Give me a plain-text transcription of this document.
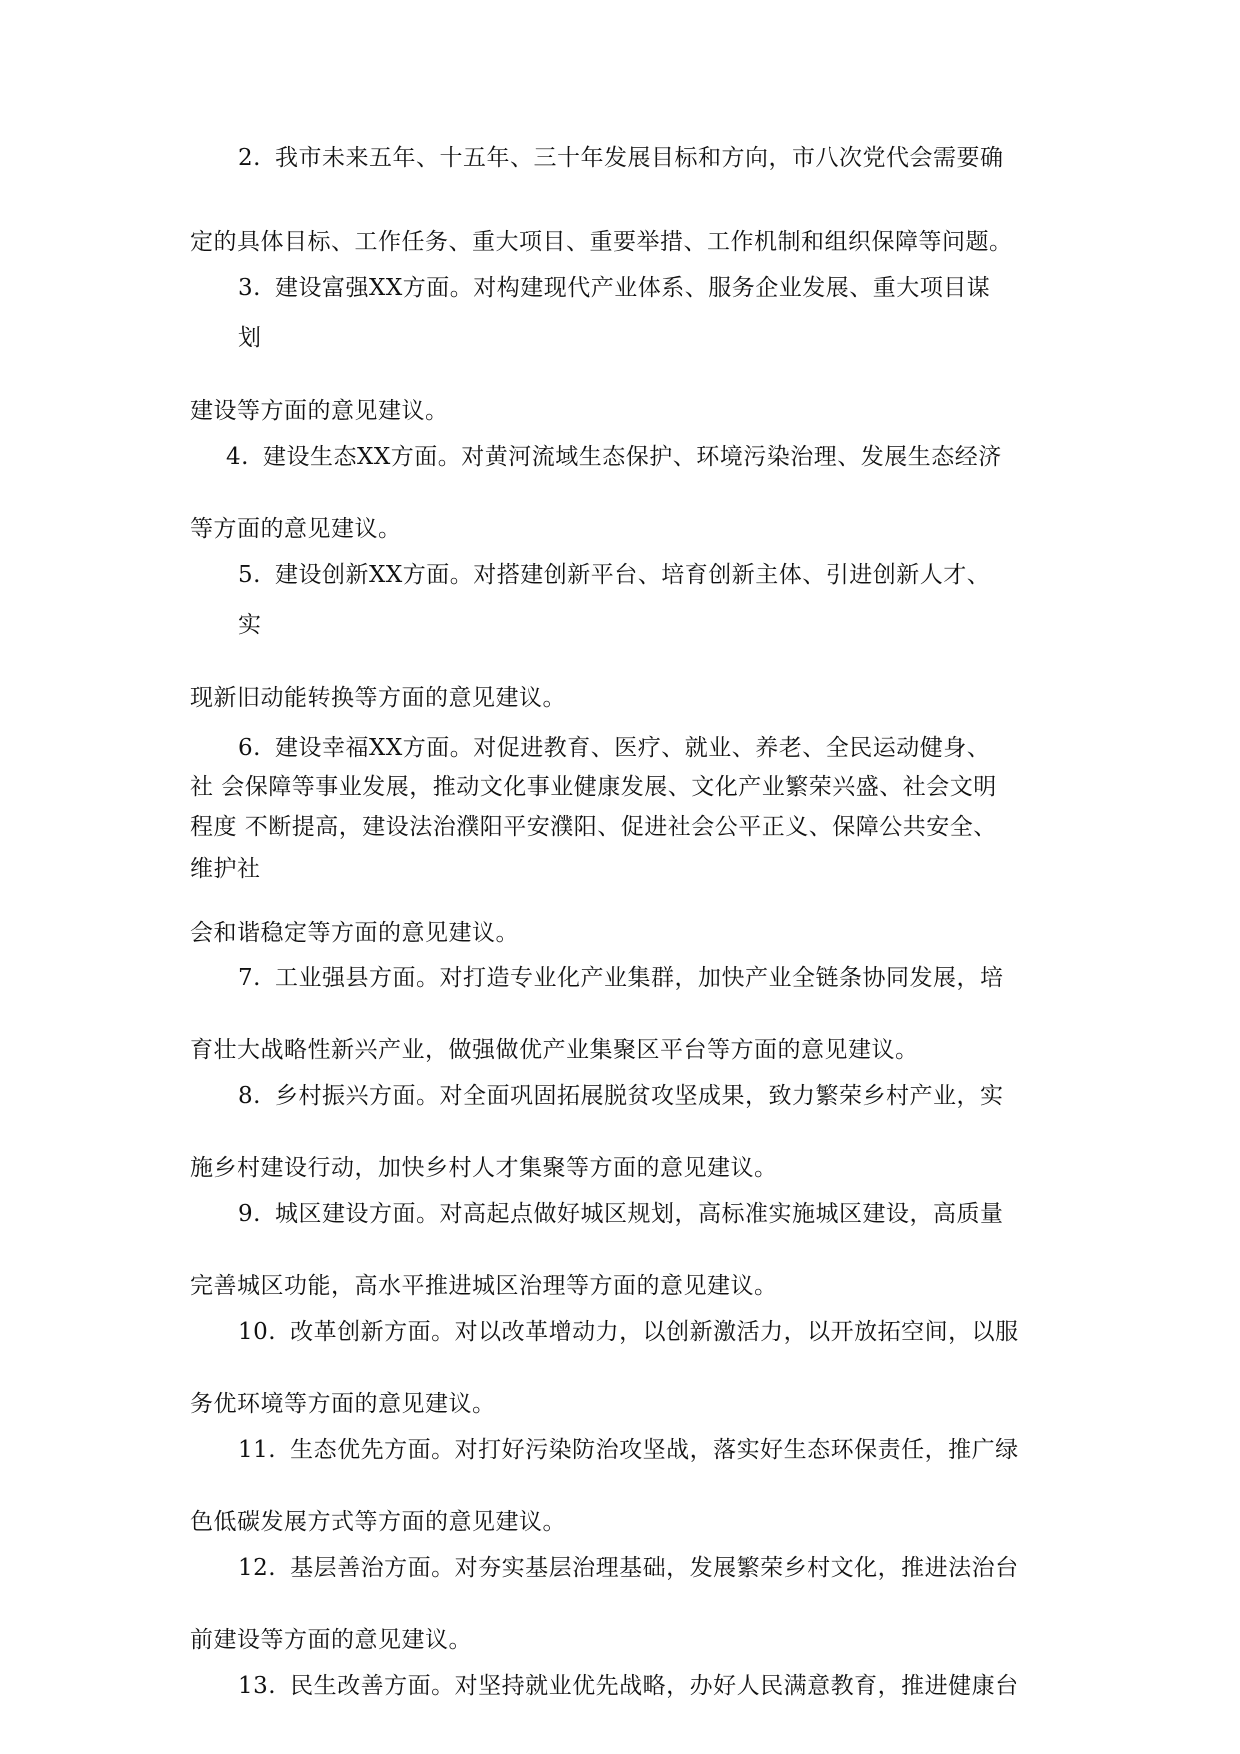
2. 我市未来五年、十五年、三十年发展目标和方向，市八次党代会需要确
定的具体目标、工作任务、重大项目、重要举措、工作机制和组织保障等问题。
3. 建设富强XX方面。对构建现代产业体系、服务企业发展、重大项目谋
划
建设等方面的意见建议。
4. 建设生态XX方面。对黄河流域生态保护、环境污染治理、发展生态经济
等方面的意见建议。
5. 建设创新XX方面。对搭建创新平台、培育创新主体、引进创新人才、
实
现新旧动能转换等方面的意见建议。
6. 建设幸福XX方面。对促进教育、医疗、就业、养老、全民运动健身、
社 会保障等事业发展，推动文化事业健康发展、文化产业繁荣兴盛、社会文明
程度 不断提高，建设法治濮阳平安濮阳、促进社会公平正义、保障公共安全、
维护社
会和谐稳定等方面的意见建议。
7. 工业强县方面。对打造专业化产业集群，加快产业全链条协同发展，培
育壮大战略性新兴产业，做强做优产业集聚区平台等方面的意见建议。
8. 乡村振兴方面。对全面巩固拓展脱贫攻坚成果，致力繁荣乡村产业，实
施乡村建设行动，加快乡村人才集聚等方面的意见建议。
9. 城区建设方面。对高起点做好城区规划，高标准实施城区建设，高质量
完善城区功能，高水平推进城区治理等方面的意见建议。
10. 改革创新方面。对以改革增动力，以创新激活力，以开放拓空间，以服
务优环境等方面的意见建议。
11. 生态优先方面。对打好污染防治攻坚战，落实好生态环保责任，推广绿
色低碳发展方式等方面的意见建议。
12. 基层善治方面。对夯实基层治理基础，发展繁荣乡村文化，推进法治台
前建设等方面的意见建议。
13. 民生改善方面。对坚持就业优先战略，办好人民满意教育，推进健康台
